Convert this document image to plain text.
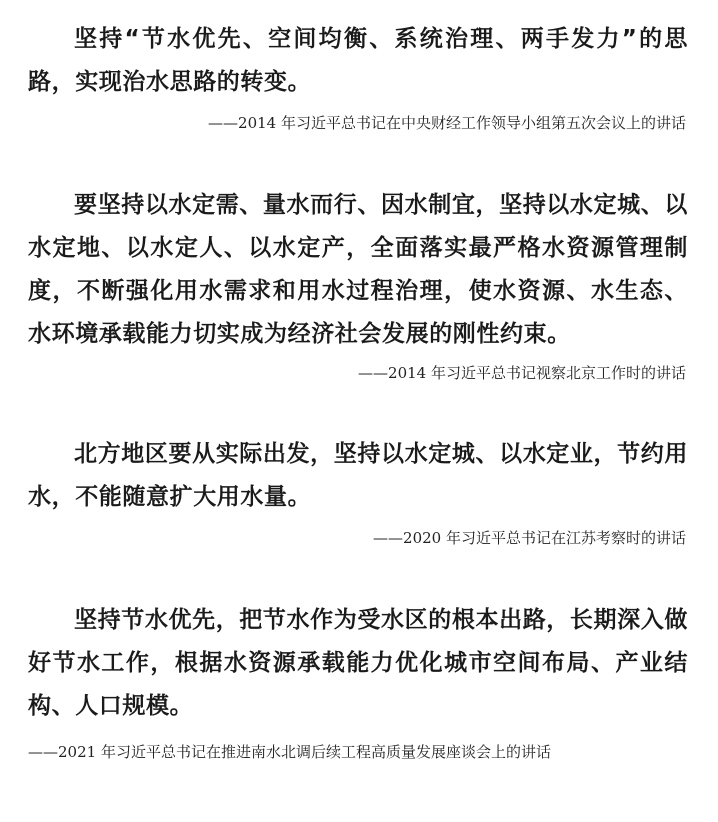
坚持“节水优先、空间均衡、系统治理、两手发力”的思路，实现治水思路的转变。

——2014 年习近平总书记在中央财经工作领导小组第五次会议上的讲话

要坚持以水定需、量水而行、因水制宜，坚持以水定城、以水定地、以水定人、以水定产，全面落实最严格水资源管理制度，不断强化用水需求和用水过程治理，使水资源、水生态、水环境承载能力切实成为经济社会发展的刚性约束。

——2014 年习近平总书记视察北京工作时的讲话

北方地区要从实际出发，坚持以水定城、以水定业，节约用水，不能随意扩大用水量。

——2020 年习近平总书记在江苏考察时的讲话

坚持节水优先，把节水作为受水区的根本出路，长期深入做好节水工作，根据水资源承载能力优化城市空间布局、产业结构、人口规模。

——2021 年习近平总书记在推进南水北调后续工程高质量发展座谈会上的讲话
